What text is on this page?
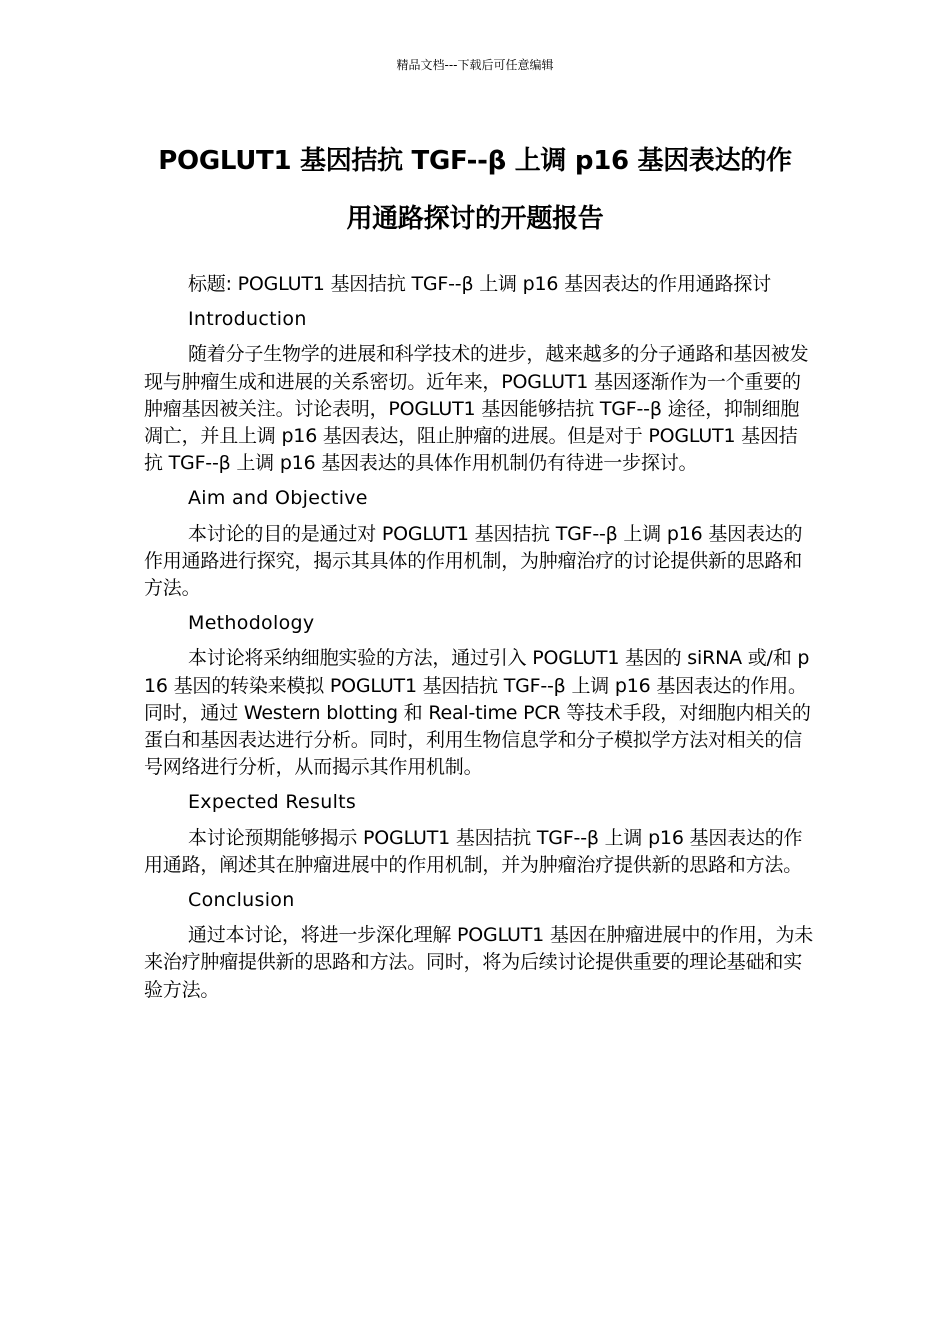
精品文档---下载后可任意编辑
POGLUT1 基因拮抗 TGF--β 上调 p16 基因表达的作
用通路探讨的开题报告

标题: POGLUT1 基因拮抗 TGF--β 上调 p16 基因表达的作用通路探讨

Introduction

随着分子生物学的进展和科学技术的进步，越来越多的分子通路和基因被发现与肿瘤生成和进展的关系密切。近年来，POGLUT1 基因逐渐作为一个重要的肿瘤基因被关注。讨论表明，POGLUT1 基因能够拮抗 TGF--β 途径，抑制细胞凋亡，并且上调 p16 基因表达，阻止肿瘤的进展。但是对于 POGLUT1 基因拮抗 TGF--β 上调 p16 基因表达的具体作用机制仍有待进一步探讨。

Aim and Objective

本讨论的目的是通过对 POGLUT1 基因拮抗 TGF--β 上调 p16 基因表达的作用通路进行探究，揭示其具体的作用机制，为肿瘤治疗的讨论提供新的思路和方法。

Methodology

本讨论将采纳细胞实验的方法，通过引入 POGLUT1 基因的 siRNA 或/和 p16 基因的转染来模拟 POGLUT1 基因拮抗 TGF--β 上调 p16 基因表达的作用。同时，通过 Western blotting 和 Real-time PCR 等技术手段，对细胞内相关的蛋白和基因表达进行分析。同时，利用生物信息学和分子模拟学方法对相关的信号网络进行分析，从而揭示其作用机制。

Expected Results

本讨论预期能够揭示 POGLUT1 基因拮抗 TGF--β 上调 p16 基因表达的作用通路，阐述其在肿瘤进展中的作用机制，并为肿瘤治疗提供新的思路和方法。

Conclusion

通过本讨论，将进一步深化理解 POGLUT1 基因在肿瘤进展中的作用，为未来治疗肿瘤提供新的思路和方法。同时，将为后续讨论提供重要的理论基础和实验方法。
